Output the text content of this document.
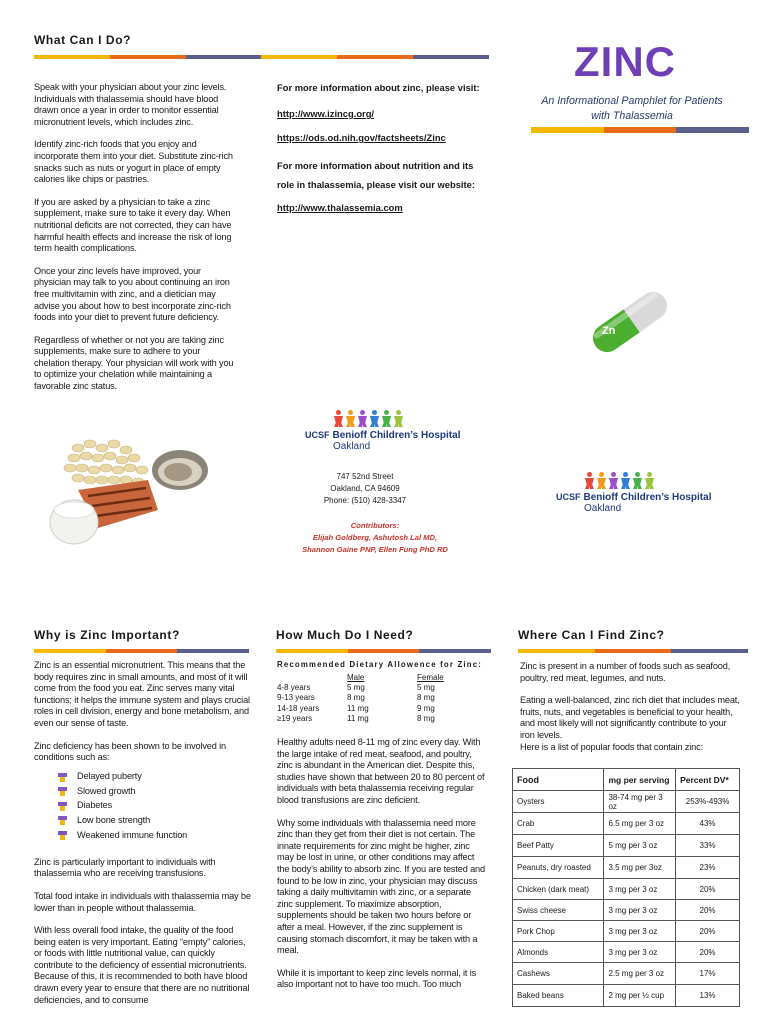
What Can I Do?

Speak with your physician about your zinc levels. Individuals with thalassemia should have blood drawn once a year in order to monitor essential micronutrient levels, which includes zinc.

Identify zinc-rich foods that you enjoy and incorporate them into your diet. Substitute zinc-rich snacks such as nuts or yogurt in place of empty calories like chips or pastries.

If you are asked by a physician to take a zinc supplement, make sure to take it every day. When nutritional deficits are not corrected, they can have harmful health effects and increase the risk of long term health complications.

Once your zinc levels have improved, your physician may talk to you about continuing an iron free multivitamin with zinc, and a dietician may advise you about how to best incorporate zinc-rich foods into your diet to prevent future deficiency.

Regardless of whether or not you are taking zinc supplements, make sure to adhere to your chelation therapy. Your physician will work with you to optimize your chelation while maintaining a favorable zinc status.

For more information about zinc, please visit:
http://www.izincg.org/
https://ods.od.nih.gov/factsheets/Zinc
For more information about nutrition and its role in thalassemia, please visit our website:
http://www.thalassemia.com
UCSF Benioff Children’s Hospital
Oakland
747 52nd Street
Oakland, CA 94609
Phone: (510) 428-3347
Contributors:
Elijah Goldberg, Ashutosh Lal MD,
Shannon Gaine PNP, Ellen Fung PhD RD
ZINC
An Informational Pamphlet for Patients
with Thalassemia
Zn
UCSF Benioff Children’s Hospital
Oakland
Why is Zinc Important?

Zinc is an essential micronutrient. This means that the body requires zinc in small amounts, and most of it will come from the food you eat. Zinc serves many vital functions; it helps the immune system and plays crucial roles in cell division, energy and bone metabolism, and even our sense of taste.

Zinc deficiency has been shown to be involved in conditions such as:

Delayed puberty
Slowed growth
Diabetes
Low bone strength
Weakened immune function

Zinc is particularly important to individuals with thalassemia who are receiving transfusions.

Total food intake in individuals with thalassemia may be lower than in people without thalassemia.

With less overall food intake, the quality of the food being eaten is very important. Eating “empty” calories, or foods with little nutritional value, can quickly contribute to the deficiency of essential micronutrients. Because of this, it is recommended to both have blood drawn every year to ensure that there are no nutritional deficiencies, and to consume

How Much Do I Need?
Recommended Dietary Allowence for Zinc:
	Male	Female
4-8 years	5 mg	5 mg
9-13 years	8 mg	8 mg
14-18 years	11 mg	9 mg
≥19 years	11 mg	8 mg

Healthy adults need 8-11 mg of zinc every day. With the large intake of red meat, seafood, and poultry, zinc is abundant in the American diet. Despite this, studies have shown that between 20 to 80 percent of individuals with beta thalassemia receiving regular blood transfusions are zinc deficient.

Why some individuals with thalassemia need more zinc than they get from their diet is not certain. The innate requirements for zinc might be higher, zinc may be lost in urine, or other conditions may affect the body’s ability to absorb zinc. If you are tested and found to be low in zinc, your physician may discuss taking a daily multivitamin with zinc, or a separate zinc supplement. To maximize absorption, supplements should be taken two hours before or after a meal. However, if the zinc supplement is causing stomach discomfort, it may be taken with a meal.

While it is important to keep zinc levels normal, it is also important not to have too much. Too much

Where Can I Find Zinc?

Zinc is present in a number of foods such as seafood, poultry, red meat, legumes, and nuts.

Eating a well-balanced, zinc rich diet that includes meat, fruits, nuts, and vegetables is beneficial to your health, and most likely will not significantly contribute to your iron levels.

Here is a list of popular foods that contain zinc:

Food	mg per serving	Percent DV*
Oysters	38-74 mg per 3 oz	253%-493%
Crab	6.5 mg per 3 oz	43%
Beef Patty	5 mg per 3 oz	33%
Peanuts, dry roasted	3.5 mg per 3oz	23%
Chicken (dark meat)	3 mg per 3 oz	20%
Swiss cheese	3 mg per 3 oz	20%
Pork Chop	3 mg per 3 oz	20%
Almonds	3 mg per 3 oz	20%
Cashews	2.5 mg per 3 oz	17%
Baked beans	2 mg per ½ cup	13%
